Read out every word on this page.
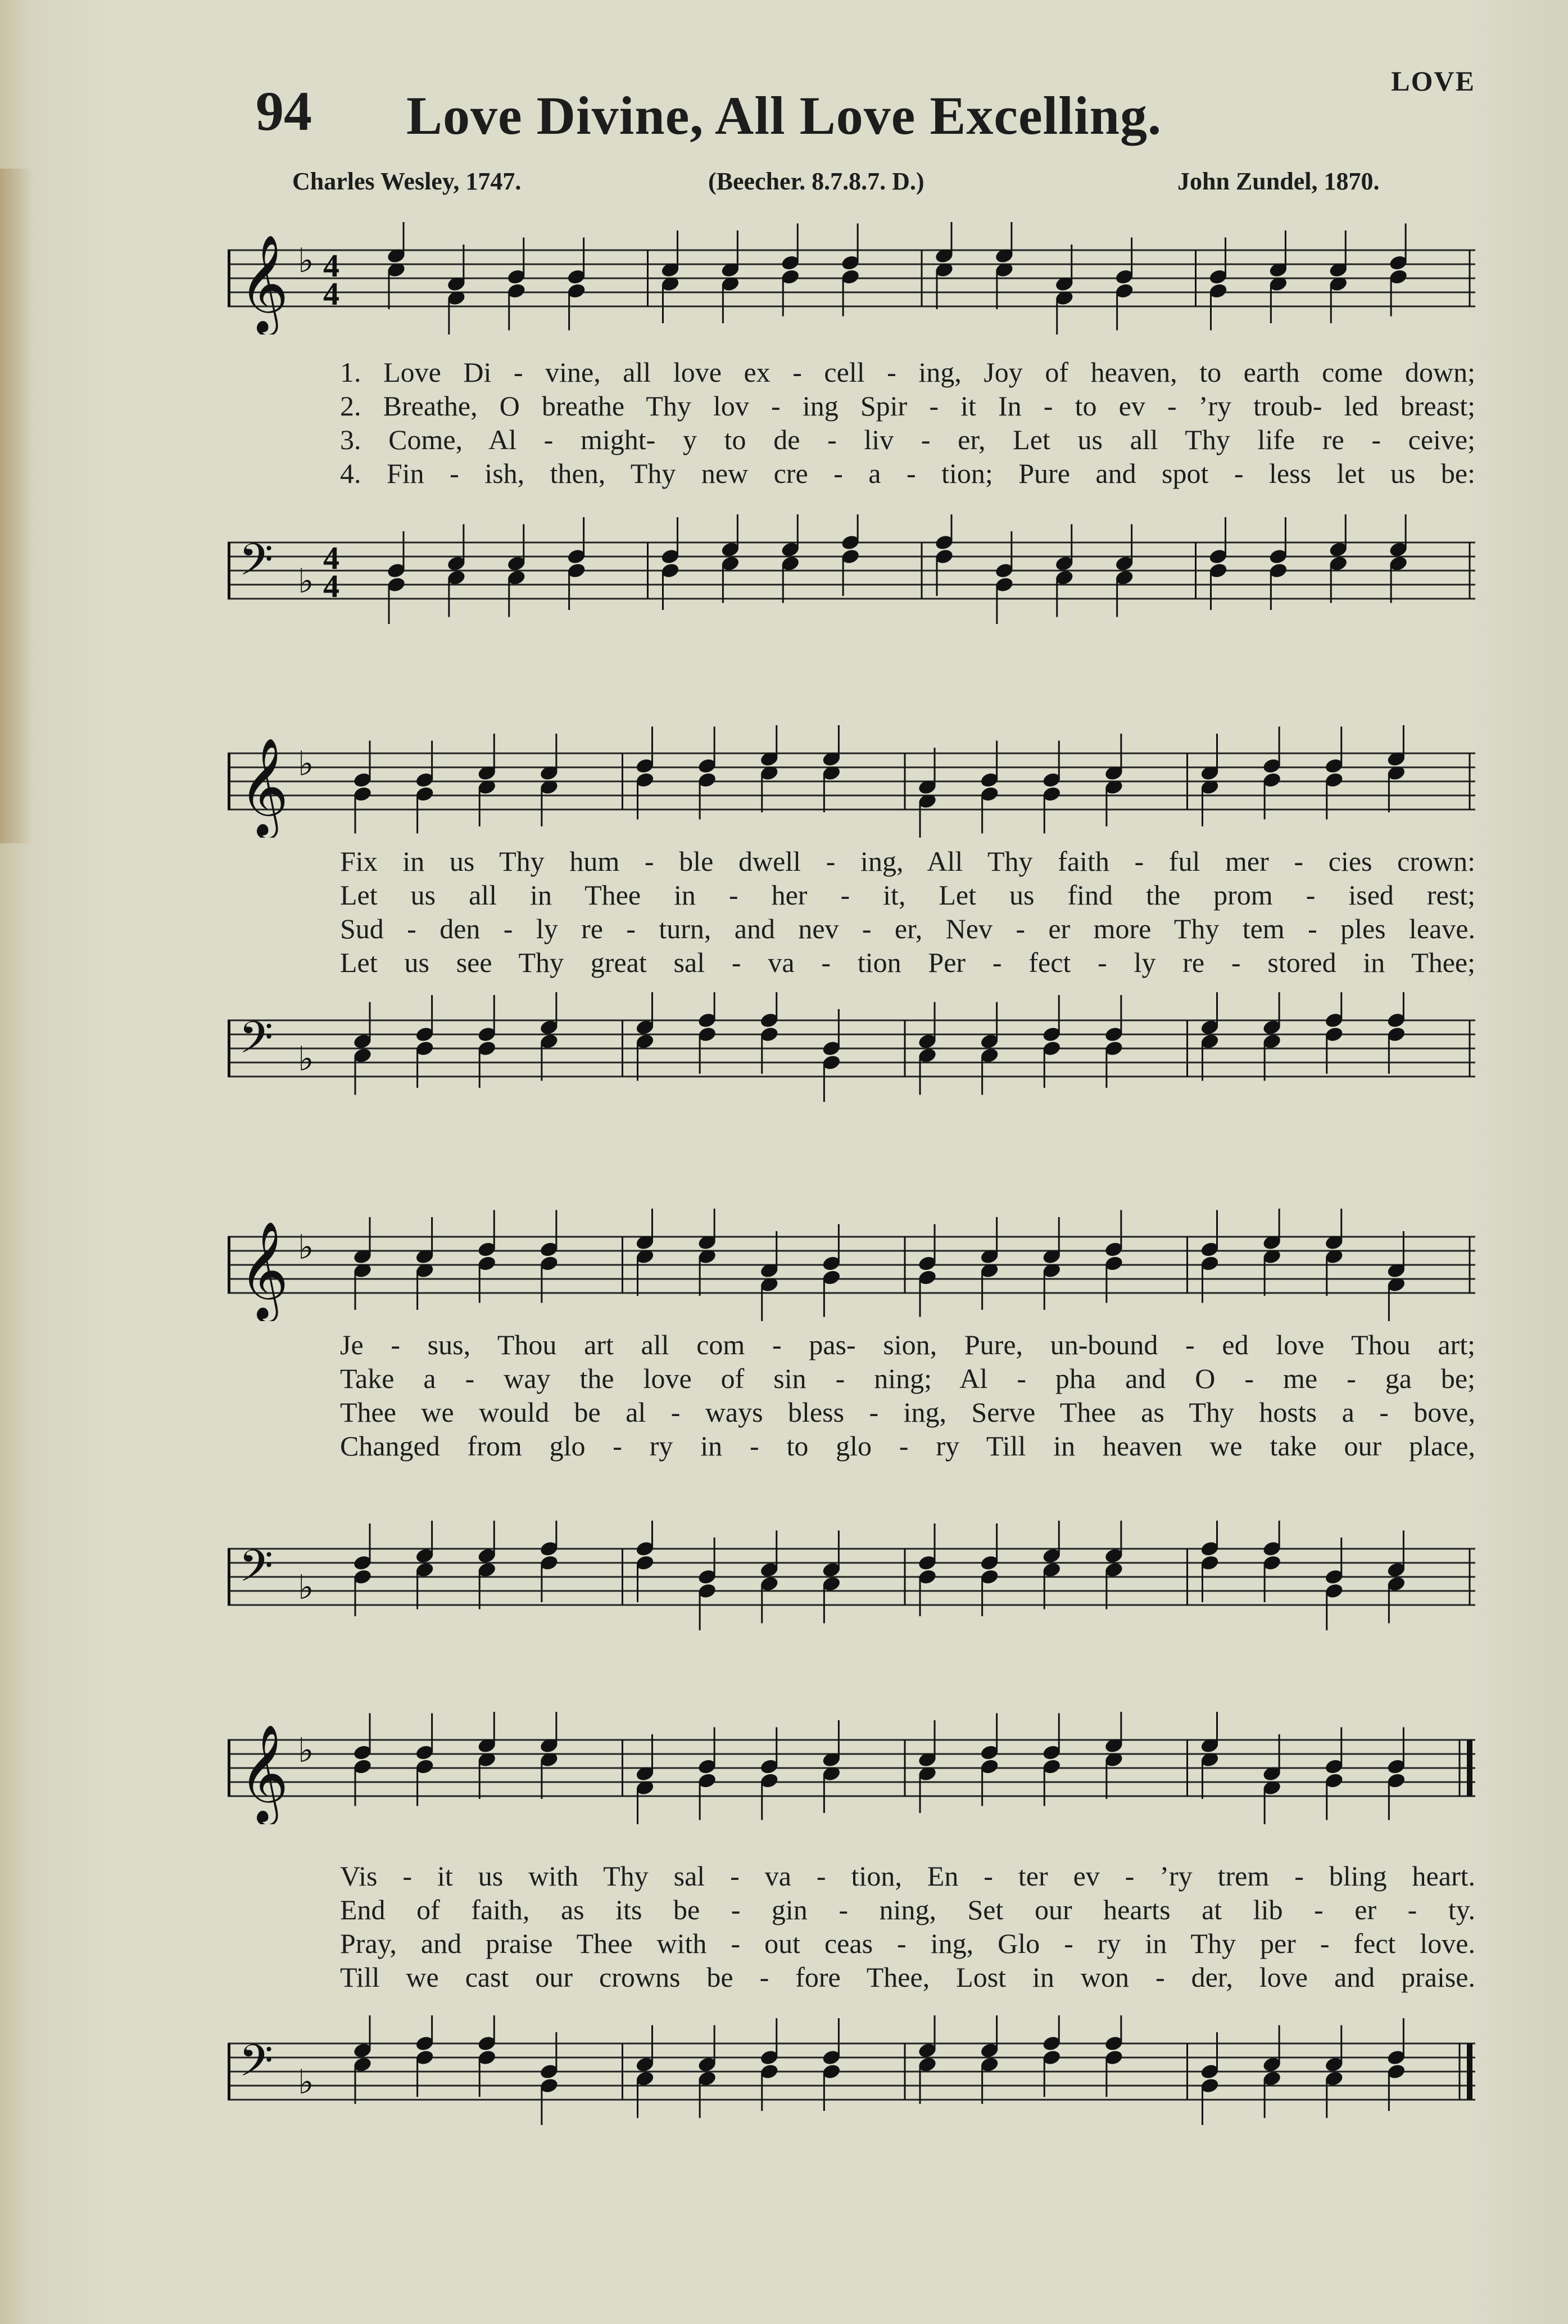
94	Love Divine, All Love Excelling.
LOVE
Charles Wesley, 1747.	(Beecher. 8.7.8.7. D.)	John Zundel, 1870.
𝄞 ♭ 4
4
1. Love Di - vine, all love ex - cell - ing, Joy of heaven, to earth come down;
2. Breathe, O breathe Thy lov - ing Spir - it In - to ev - ’ry troub- led breast;
3. Come, Al - might- y to de - liv - er, Let us all Thy life re - ceive;
4. Fin - ish, then, Thy new cre - a - tion; Pure and spot - less let us be:
𝄢 ♭
4
4
𝄞 ♭
Fix in us Thy hum - ble dwell - ing, All Thy faith - ful mer - cies crown:
Let us all in Thee in - her - it, Let us find the prom - ised rest;
Sud - den - ly re - turn, and nev - er, Nev - er more Thy tem - ples leave.
Let us see Thy great sal - va - tion Per - fect - ly re - stored in Thee;
𝄢 ♭
𝄞 ♭
Je - sus, Thou art all com - pas- sion, Pure, un-bound - ed love Thou art;
Take a - way the love of sin - ning; Al - pha and O - me - ga be;
Thee we would be al - ways bless - ing, Serve Thee as Thy hosts a - bove,
Changed from glo - ry in - to glo - ry Till in heaven we take our place,
𝄢 ♭
𝄞 ♭
Vis - it us with Thy sal - va - tion, En - ter ev - ’ry trem - bling heart.
End of faith, as its be - gin - ning, Set our hearts at lib - er - ty.
Pray, and praise Thee with - out ceas - ing, Glo - ry in Thy per - fect love.
Till we cast our crowns be - fore Thee, Lost in won - der, love and praise.
𝄢 ♭
